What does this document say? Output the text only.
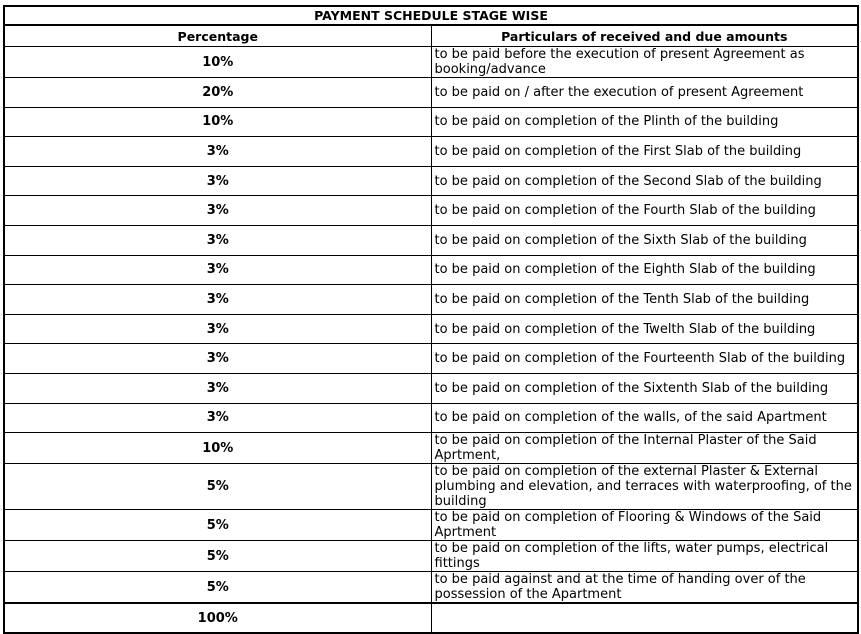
PAYMENT SCHEDULE STAGE WISE	
Percentage	Particulars of received and due amounts
10%	to be paid before the execution of present Agreement as booking/advance
20%	to be paid on / after the execution of present Agreement
10%	to be paid on completion of the Plinth of the building
3%	to be paid on completion of the First Slab of the building
3%	to be paid on completion of the Second Slab of the building
3%	to be paid on completion of the Fourth Slab of the building
3%	to be paid on completion of the Sixth Slab of the building
3%	to be paid on completion of the Eighth Slab of the building
3%	to be paid on completion of the Tenth Slab of the building
3%	to be paid on completion of the Twelth Slab of the building
3%	to be paid on completion of the Fourteenth Slab of the building
3%	to be paid on completion of the Sixtenth Slab of the building
3%	to be paid on completion of the walls, of the said Apartment
10%	to be paid on completion of the Internal Plaster of the Said Aprtment,
5%	to be paid on completion of the external Plaster & External plumbing and elevation, and terraces with waterproofing, of the building
5%	to be paid on completion of Flooring & Windows of the Said Aprtment
5%	to be paid on completion of the lifts, water pumps, electrical fittings
5%	to be paid against and at the time of handing over of the possession of the Apartment
100%	
